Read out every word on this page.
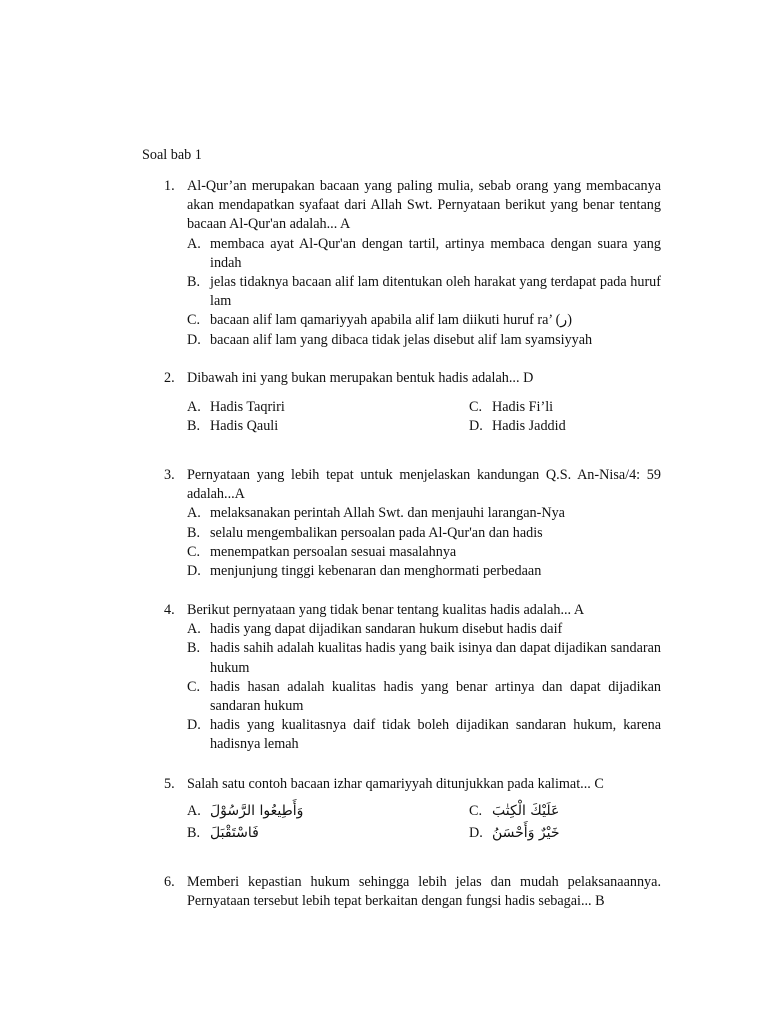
Soal bab 1
1. Al-Qur’an merupakan bacaan yang paling mulia, sebab orang yang membacanya akan mendapatkan syafaat dari Allah Swt. Pernyataan berikut yang benar tentang bacaan Al-Qur'an adalah... A
A. membaca ayat Al-Qur'an dengan tartil, artinya membaca dengan suara yang indah
B. jelas tidaknya bacaan alif lam ditentukan oleh harakat yang terdapat pada huruf lam
C. bacaan alif lam qamariyyah apabila alif lam diikuti huruf ra’ (ر)
D. bacaan alif lam yang dibaca tidak jelas disebut alif lam syamsiyyah
2. Dibawah ini yang bukan merupakan bentuk hadis adalah... D
A. Hadis Taqriri	C. Hadis Fi’li
B. Hadis Qauli	D. Hadis Jaddid
3. Pernyataan yang lebih tepat untuk menjelaskan kandungan Q.S. An-Nisa/4: 59 adalah...A
A. melaksanakan perintah Allah Swt. dan menjauhi larangan-Nya
B. selalu mengembalikan persoalan pada Al-Qur'an dan hadis
C. menempatkan persoalan sesuai masalahnya
D. menjunjung tinggi kebenaran dan menghormati perbedaan
4. Berikut pernyataan yang tidak benar tentang kualitas hadis adalah... A
A. hadis yang dapat dijadikan sandaran hukum disebut hadis daif
B. hadis sahih adalah kualitas hadis yang baik isinya dan dapat dijadikan sandaran hukum
C. hadis hasan adalah kualitas hadis yang benar artinya dan dapat dijadikan sandaran hukum
D. hadis yang kualitasnya daif tidak boleh dijadikan sandaran hukum, karena hadisnya lemah
5. Salah satu contoh bacaan izhar qamariyyah ditunjukkan pada kalimat... C
A. وَأَطِيعُوا الرَّسُوْلَ	C. عَلَيْكَ الْكِتٰبَ
B. فَاسْتَقْبَلَ	D. خَيْرٌ وَأَحْسَنُ
6. Memberi kepastian hukum sehingga lebih jelas dan mudah pelaksanaannya. Pernyataan tersebut lebih tepat berkaitan dengan fungsi hadis sebagai... B
